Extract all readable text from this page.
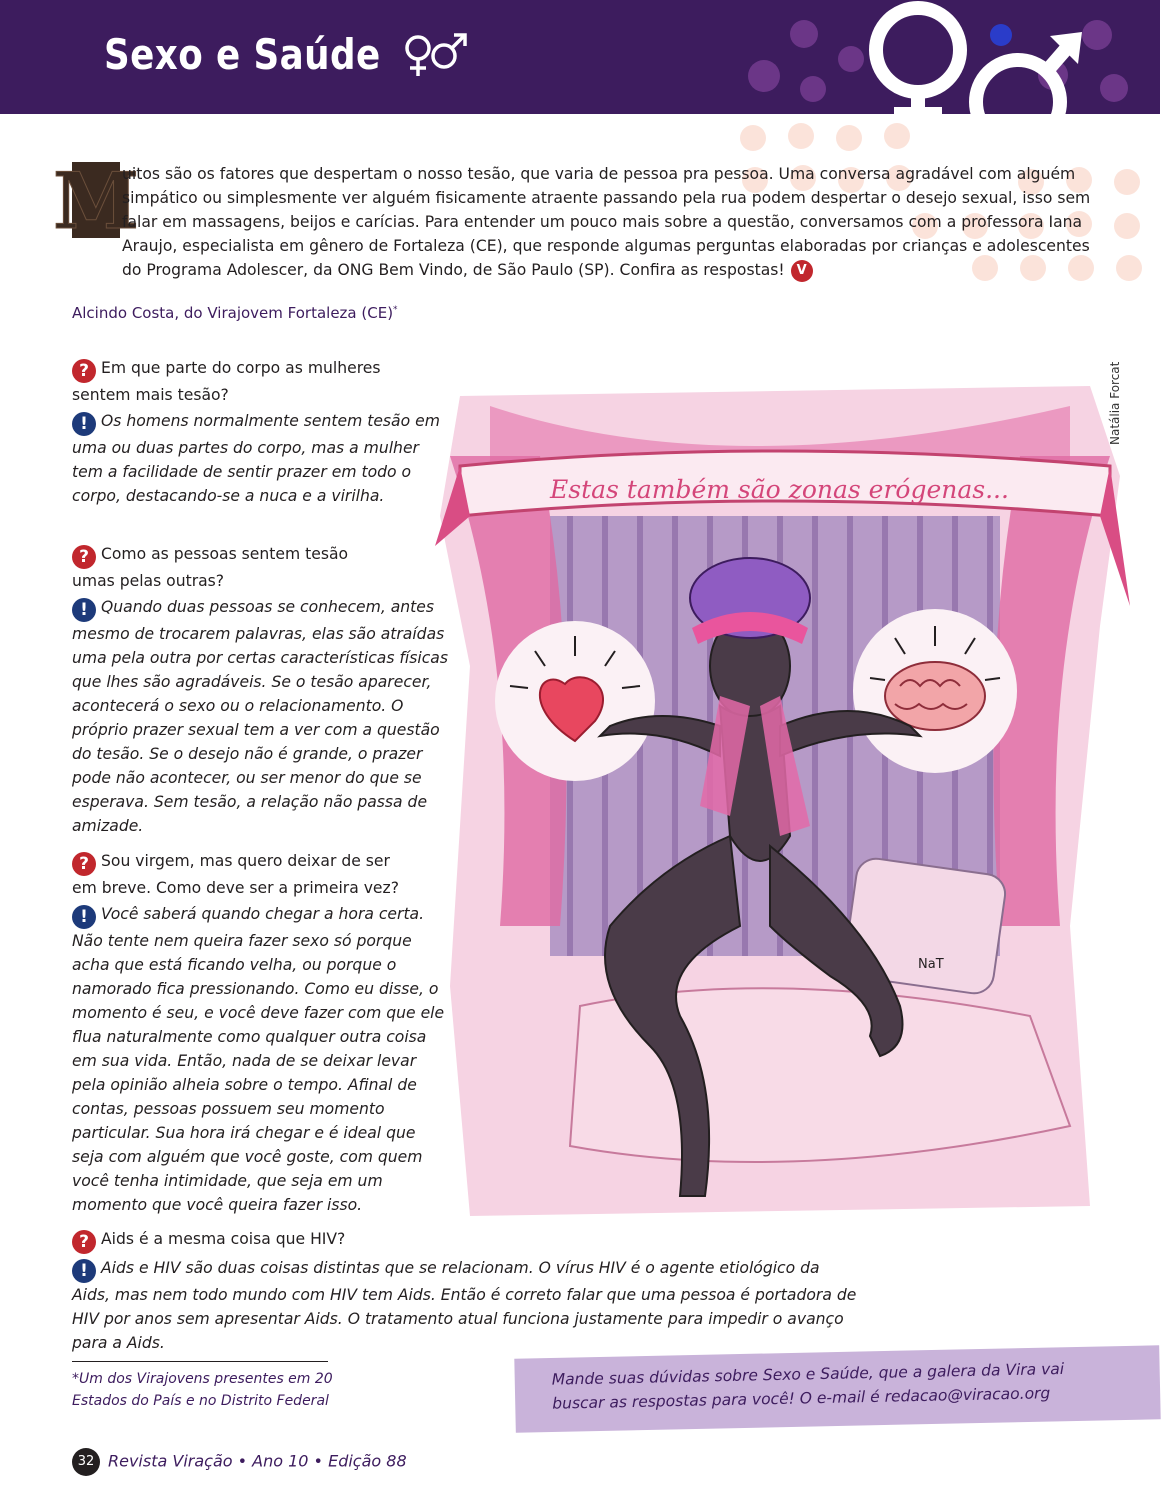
Sexo e Saúde
M

uitos são os fatores que despertam o nosso tesão, que varia de pessoa pra pessoa. Uma conversa agradável com alguém simpático ou simplesmente ver alguém fisicamente atraente passando pela rua podem despertar o desejo sexual, isso sem falar em massagens, beijos e carícias. Para entender um pouco mais sobre a questão, conversamos com a professora Iana Araujo, especialista em gênero de Fortaleza (CE), que responde algumas perguntas elaboradas por crianças e adolescentes do Programa Adolescer, da ONG Bem Vindo, de São Paulo (SP). Confira as respostas! V

Alcindo Costa, do Virajovem Fortaleza (CE)*
? Em que parte do corpo as mulheres sentem mais tesão?
! Os homens normalmente sentem tesão em uma ou duas partes do corpo, mas a mulher tem a facilidade de sentir prazer em todo o corpo, destacando-se a nuca e a virilha.
? Como as pessoas sentem tesão umas pelas outras?
! Quando duas pessoas se conhecem, antes mesmo de trocarem palavras, elas são atraídas uma pela outra por certas características físicas que lhes são agradáveis. Se o tesão aparecer, acontecerá o sexo ou o relacionamento. O próprio prazer sexual tem a ver com a questão do tesão. Se o desejo não é grande, o prazer pode não acontecer, ou ser menor do que se esperava. Sem tesão, a relação não passa de amizade.
? Sou virgem, mas quero deixar de ser em breve. Como deve ser a primeira vez?
! Você saberá quando chegar a hora certa. Não tente nem queira fazer sexo só porque acha que está ficando velha, ou porque o namorado fica pressionando. Como eu disse, o momento é seu, e você deve fazer com que ele flua naturalmente como qualquer outra coisa em sua vida. Então, nada de se deixar levar pela opinião alheia sobre o tempo. Afinal de contas, pessoas possuem seu momento particular. Sua hora irá chegar e é ideal que seja com alguém que você goste, com quem você tenha intimidade, que seja em um momento que você queira fazer isso.
? Aids é a mesma coisa que HIV?
! Aids e HIV são duas coisas distintas que se relacionam. O vírus HIV é o agente etiológico da Aids, mas nem todo mundo com HIV tem Aids. Então é correto falar que uma pessoa é portadora de HIV por anos sem apresentar Aids. O tratamento atual funciona justamente para impedir o avanço para a Aids.
Estas também são zonas erógenas...
NaT
Natália Forcat
*Um dos Virajovens presentes em 20 Estados do País e no Distrito Federal
Mande suas dúvidas sobre Sexo e Saúde, que a galera da Vira vai buscar as respostas para você! O e-mail é redacao@viracao.org
32 Revista Viração • Ano 10 • Edição 88
